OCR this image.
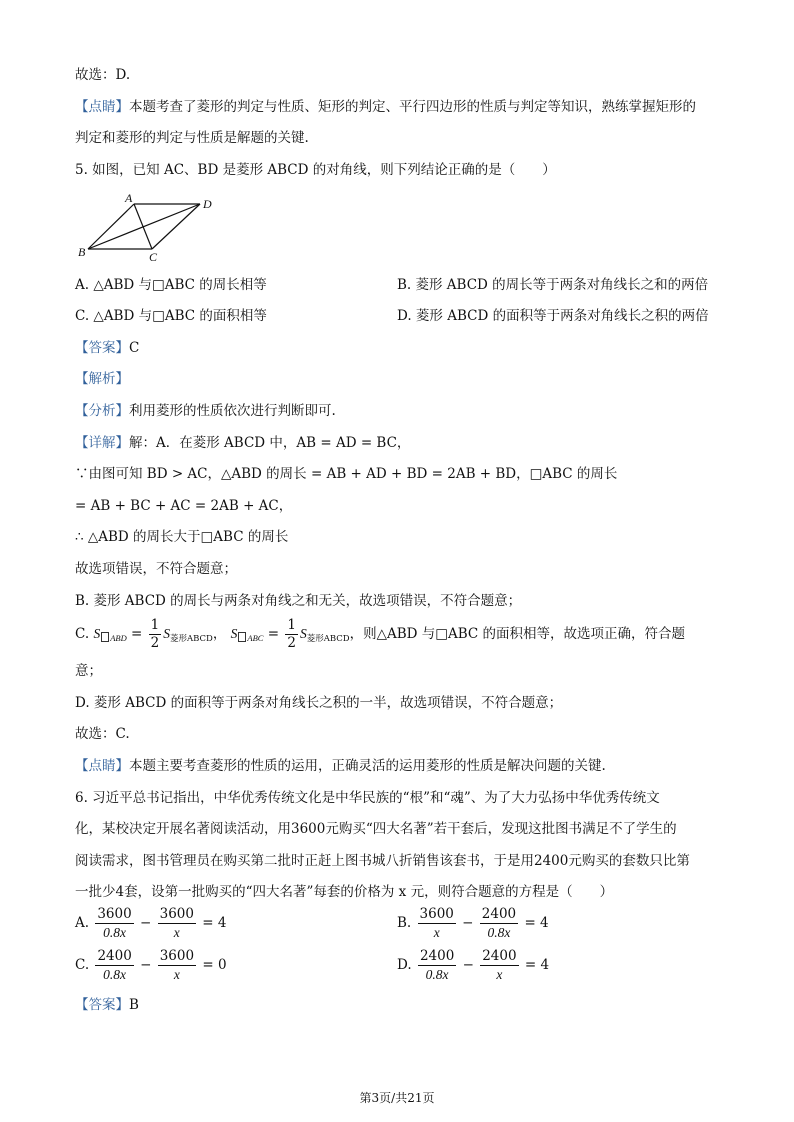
故选：D.
【点睛】本题考查了菱形的判定与性质、矩形的判定、平行四边形的性质与判定等知识，熟练掌握矩形的
判定和菱形的判定与性质是解题的关键.
5. 如图，已知 AC、BD 是菱形 ABCD 的对角线，则下列结论正确的是（　　）
A
B	C
D
A. △ABD 与□ABC 的周长相等	B. 菱形 ABCD 的周长等于两条对角线长之和的两倍
C. △ABD 与□ABC 的面积相等	D. 菱形 ABCD 的面积等于两条对角线长之积的两倍
【答案】C
【解析】
【分析】利用菱形的性质依次进行判断即可.
【详解】解：A．在菱形 ABCD 中，AB = AD = BC，
∵由图可知 BD > AC，△ABD 的周长 = AB + AD + BD = 2AB + BD，□ABC 的周长
= AB + BC + AC = 2AB + AC，
∴ △ABD 的周长大于□ABC 的周长
故选项错误，不符合题意；
B. 菱形 ABCD 的周长与两条对角线之和无关，故选项错误，不符合题意；
C. S $_{ABD} = \frac{1}{2} S_{菱形ABCD}$， S $_{ABC} = \frac{1}{2} S_{菱形ABCD}$，则△ABD 与□ABC 的面积相等，故选项正确，符合题
意；
D. 菱形 ABCD 的面积等于两条对角线长之积的一半，故选项错误，不符合题意；
故选：C.
【点睛】本题主要考查菱形的性质的运用，正确灵活的运用菱形的性质是解决问题的关键.
6. 习近平总书记指出，中华优秀传统文化是中华民族的“根”和“魂”、为了大力弘扬中华优秀传统文
化，某校决定开展名著阅读活动，用3600元购买“四大名著”若干套后，发现这批图书满足不了学生的
阅读需求，图书管理员在购买第二批时正赶上图书城八折销售该套书，于是用2400元购买的套数只比第
一批少4套，设第一批购买的“四大名著”每套的价格为 x 元，则符合题意的方程是（　　）
A. $\frac{3600}{0.8x} - \frac{3600}{x} = 4$	B. $\frac{3600}{x} - \frac{2400}{0.8x} = 4$
C. $\frac{2400}{0.8x} - \frac{3600}{x} = 0$	D. $\frac{2400}{0.8x} - \frac{2400}{x} = 4$
【答案】B
第3页/共21页
